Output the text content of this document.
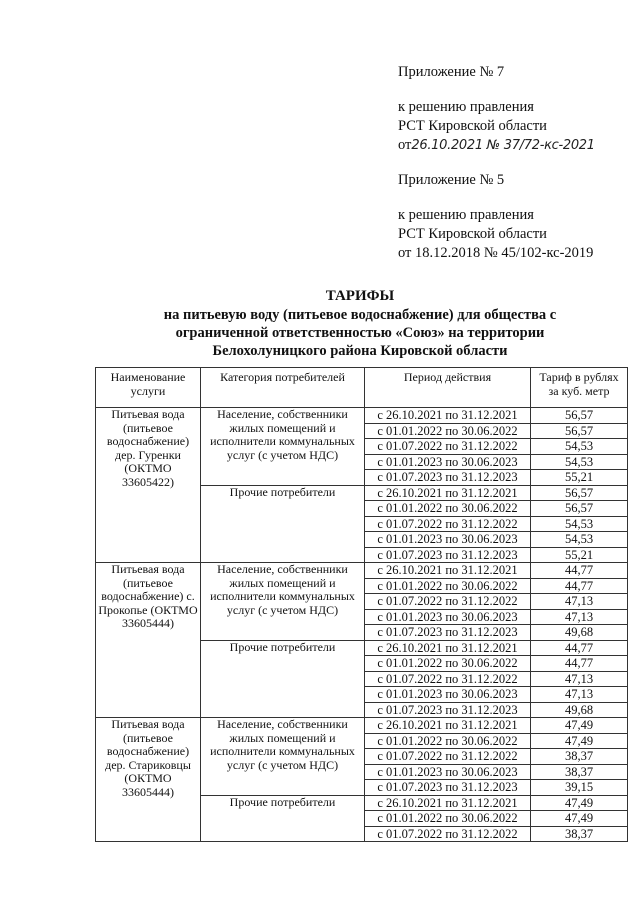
Приложение № 7
к решению правления
РСТ Кировской области
от26.10.2021 № 37/72-кс-2021
Приложение № 5
к решению правления
РСТ Кировской области
от 18.12.2018 № 45/102-кс-2019
ТАРИФЫ
на питьевую воду (питьевое водоснабжение) для общества с
ограниченной ответственностью «Союз» на территории
Белохолуницкого района Кировской области
Наименование услуги	Категория потребителей	Период действия	Тариф в рублях за куб. метр
Питьевая вода (питьевое водоснабжение) дер. Гуренки (ОКТМО 33605422)	Население, собственники жилых помещений и исполнители коммунальных услуг (с учетом НДС)	с 26.10.2021 по 31.12.2021	56,57
		с 01.01.2022 по 30.06.2022	56,57
		с 01.07.2022 по 31.12.2022	54,53
		с 01.01.2023 по 30.06.2023	54,53
		с 01.07.2023 по 31.12.2023	55,21
	Прочие потребители	с 26.10.2021 по 31.12.2021	56,57
		с 01.01.2022 по 30.06.2022	56,57
		с 01.07.2022 по 31.12.2022	54,53
		с 01.01.2023 по 30.06.2023	54,53
		с 01.07.2023 по 31.12.2023	55,21
Питьевая вода (питьевое водоснабжение) с. Прокопье (ОКТМО 33605444)	Население, собственники жилых помещений и исполнители коммунальных услуг (с учетом НДС)	с 26.10.2021 по 31.12.2021	44,77
		с 01.01.2022 по 30.06.2022	44,77
		с 01.07.2022 по 31.12.2022	47,13
		с 01.01.2023 по 30.06.2023	47,13
		с 01.07.2023 по 31.12.2023	49,68
	Прочие потребители	с 26.10.2021 по 31.12.2021	44,77
		с 01.01.2022 по 30.06.2022	44,77
		с 01.07.2022 по 31.12.2022	47,13
		с 01.01.2023 по 30.06.2023	47,13
		с 01.07.2023 по 31.12.2023	49,68
Питьевая вода (питьевое водоснабжение) дер. Стариковцы (ОКТМО 33605444)	Население, собственники жилых помещений и исполнители коммунальных услуг (с учетом НДС)	с 26.10.2021 по 31.12.2021	47,49
		с 01.01.2022 по 30.06.2022	47,49
		с 01.07.2022 по 31.12.2022	38,37
		с 01.01.2023 по 30.06.2023	38,37
		с 01.07.2023 по 31.12.2023	39,15
	Прочие потребители	с 26.10.2021 по 31.12.2021	47,49
		с 01.01.2022 по 30.06.2022	47,49
		с 01.07.2022 по 31.12.2022	38,37
